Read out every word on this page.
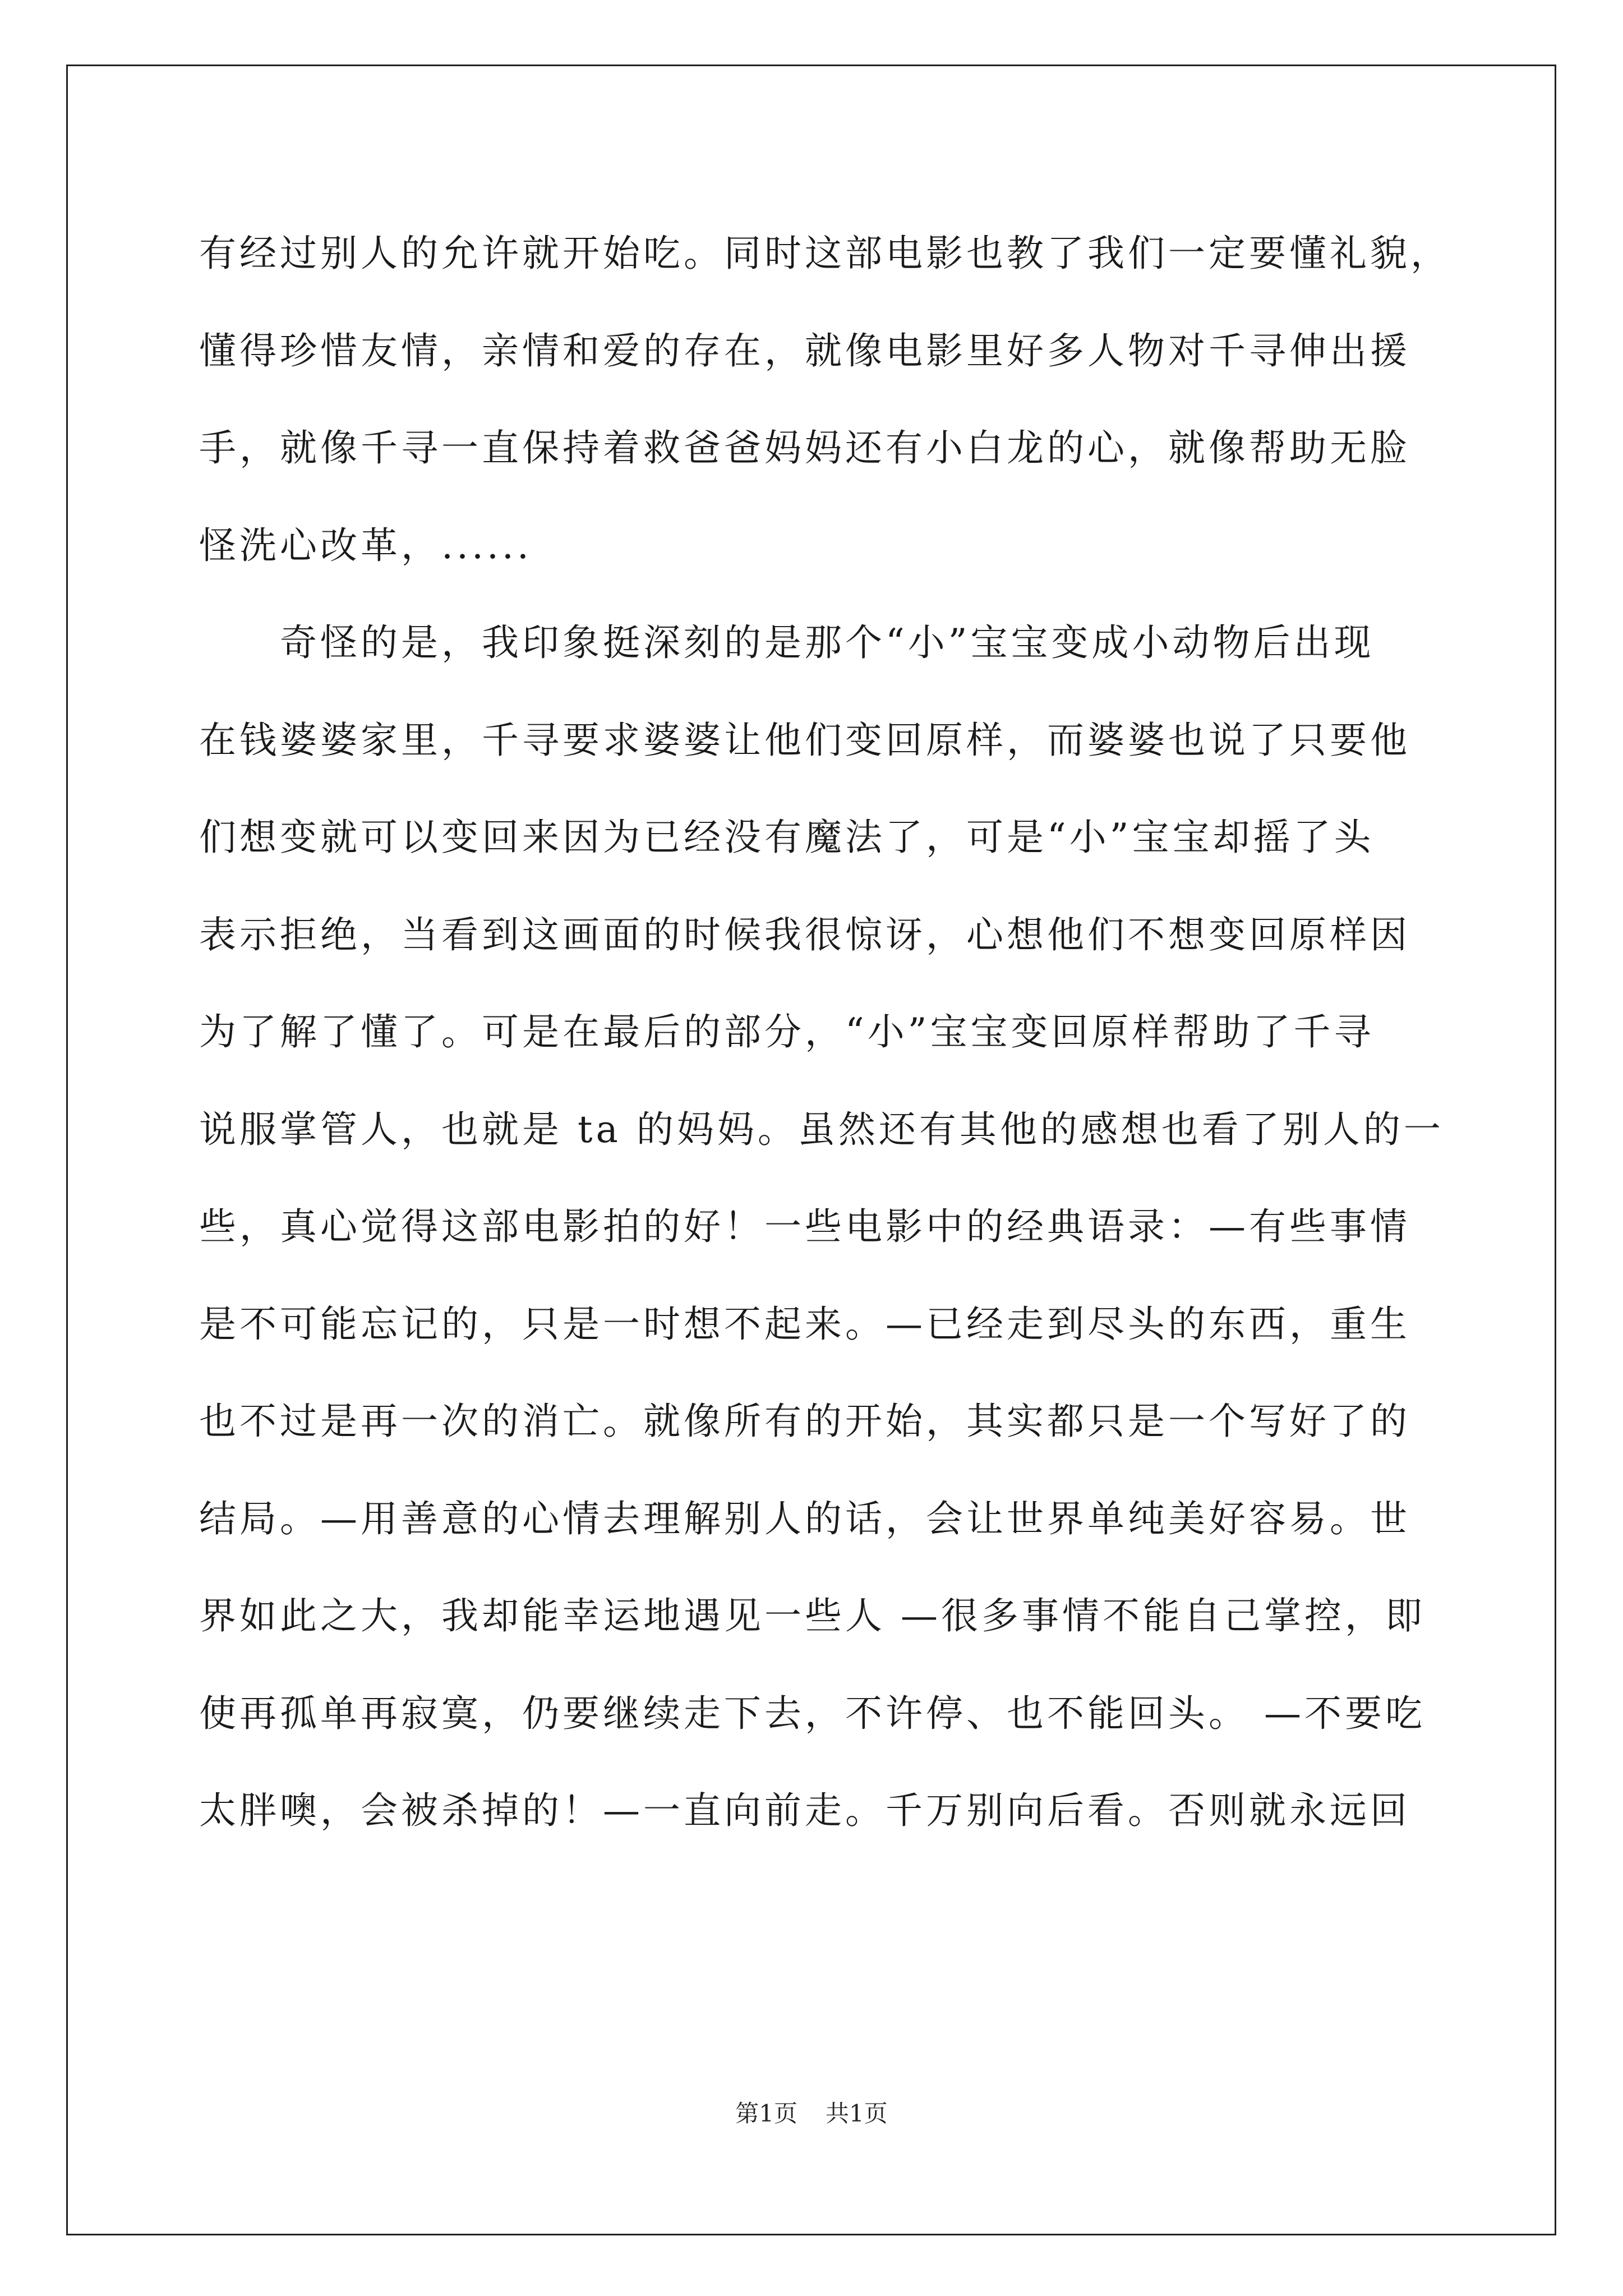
有经过别人的允许就开始吃。同时这部电影也教了我们一定要懂礼貌，
懂得珍惜友情，亲情和爱的存在，就像电影里好多人物对千寻伸出援
手，就像千寻一直保持着救爸爸妈妈还有小白龙的心，就像帮助无脸
怪洗心改革，......
　　奇怪的是，我印象挺深刻的是那个“小”宝宝变成小动物后出现
在钱婆婆家里，千寻要求婆婆让他们变回原样，而婆婆也说了只要他
们想变就可以变回来因为已经没有魔法了，可是“小”宝宝却摇了头
表示拒绝，当看到这画面的时候我很惊讶，心想他们不想变回原样因
为了解了懂了。可是在最后的部分，“小”宝宝变回原样帮助了千寻
说服掌管人，也就是 ta 的妈妈。虽然还有其他的感想也看了别人的一
些，真心觉得这部电影拍的好！一些电影中的经典语录：—有些事情
是不可能忘记的，只是一时想不起来。—已经走到尽头的东西，重生
也不过是再一次的消亡。就像所有的开始，其实都只是一个写好了的
结局。—用善意的心情去理解别人的话，会让世界单纯美好容易。世
界如此之大，我却能幸运地遇见一些人 —很多事情不能自己掌控，即
使再孤单再寂寞，仍要继续走下去，不许停、也不能回头。 —不要吃
太胖噢，会被杀掉的！—一直向前走。千万别向后看。否则就永远回
第1页 共1页
